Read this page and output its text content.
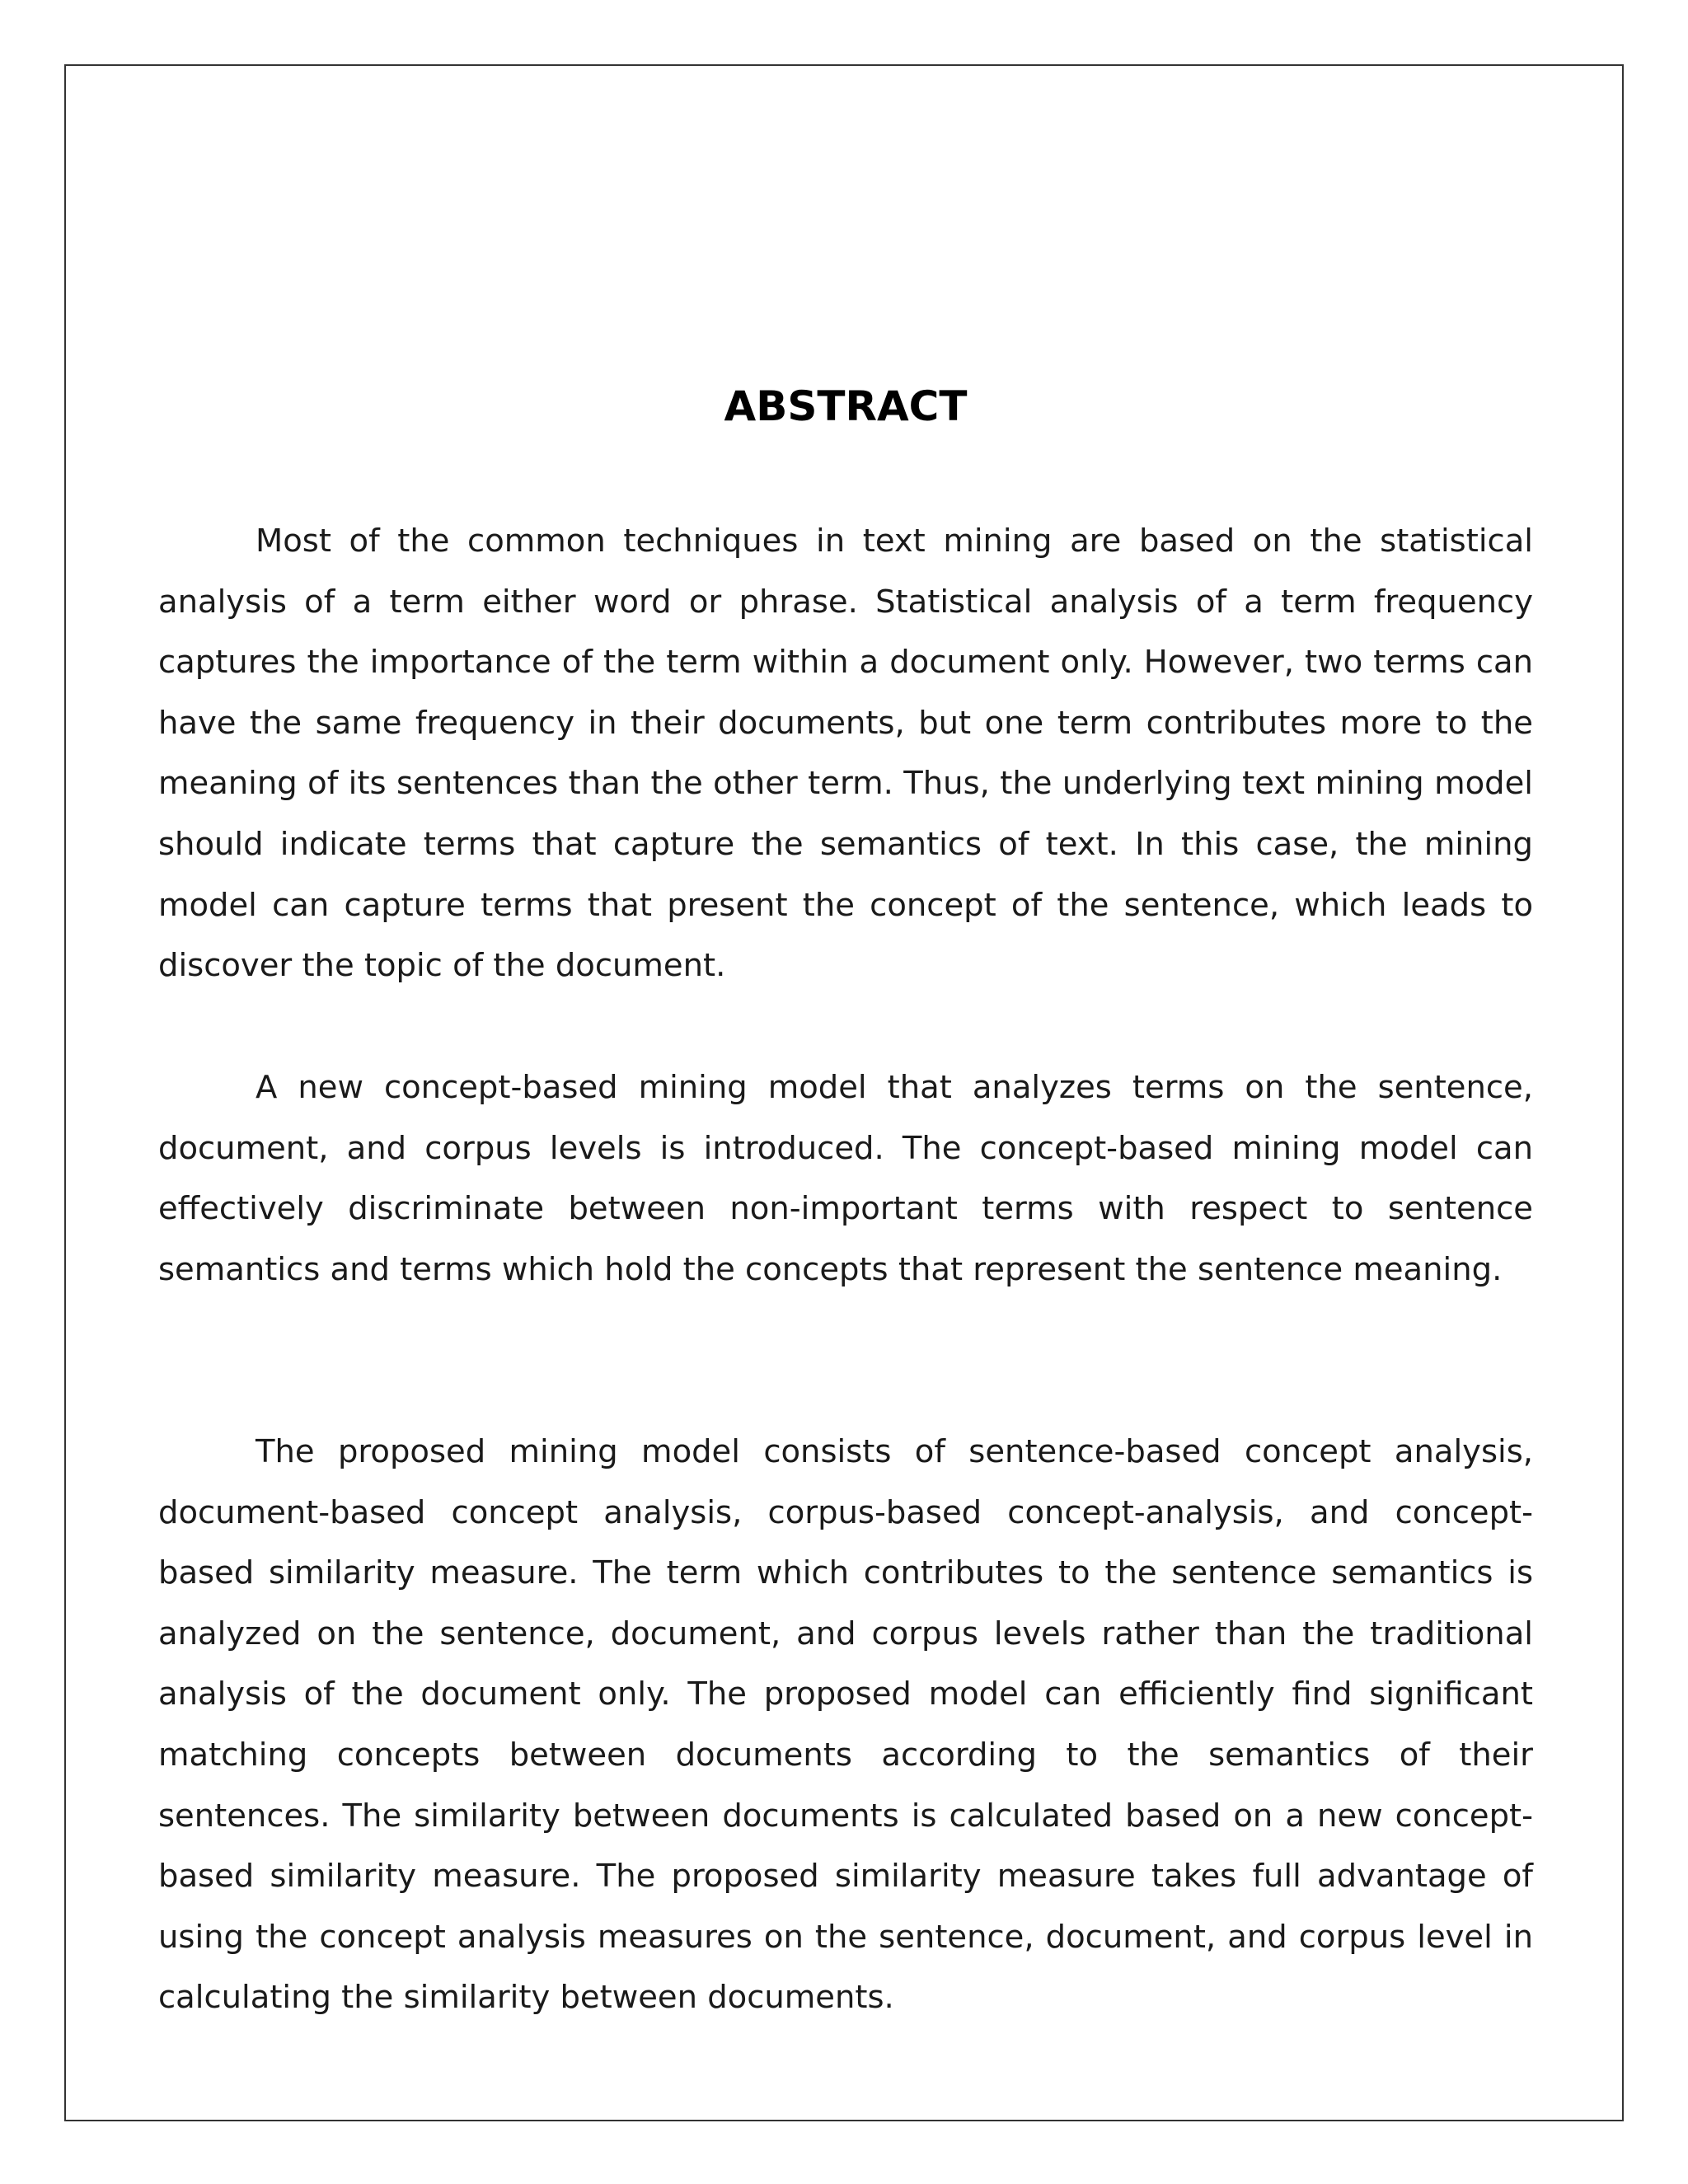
ABSTRACT

Most of the common techniques in text mining are based on the statistical analysis of a term either word or phrase. Statistical analysis of a term frequency captures the importance of the term within a document only. However, two terms can have the same frequency in their documents, but one term contributes more to the meaning of its sentences than the other term. Thus, the underlying text mining model should indicate terms that capture the semantics of text. In this case, the mining model can capture terms that present the concept of the sentence, which leads to discover the topic of the document.

A new concept-based mining model that analyzes terms on the sentence, document, and corpus levels is introduced. The concept-based mining model can effectively discriminate between non-important terms with respect to sentence semantics and terms which hold the concepts that represent the sentence meaning.

The proposed mining model consists of sentence-based concept analysis, document-based concept analysis, corpus-based concept-analysis, and concept-based similarity measure. The term which contributes to the sentence semantics is analyzed on the sentence, document, and corpus levels rather than the traditional analysis of the document only. The proposed model can efficiently find significant matching concepts between documents according to the semantics of their sentences. The similarity between documents is calculated based on a new concept-based similarity measure. The proposed similarity measure takes full advantage of using the concept analysis measures on the sentence, document, and corpus level in calculating the similarity between documents.
